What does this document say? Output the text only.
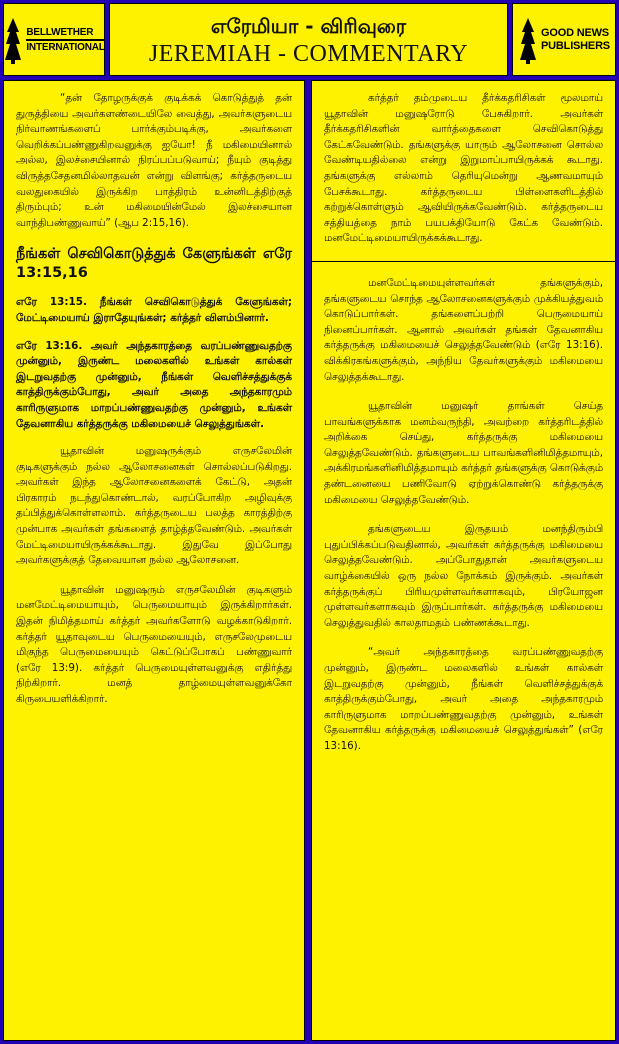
BELLWETHER
INTERNATIONAL
எரேமியா - விரிவுரை
JEREMIAH - COMMENTARY
GOOD NEWS
PUBLISHERS

“தன் தோழருக்குக் குடிக்கக் கொடுத்துத் தன் துருத்தியை அவர்களண்டையிலே வைத்து, அவர்களுடைய நிர்வாணங்களைப் பார்க்கும்படிக்கு, அவர்களை வெறிக்கப்பண்ணுகிறவனுக்கு ஐயோ! நீ மகிமையினால் அல்ல, இலச்சையினால் நிரப்பப்படுவாய்; நீயும் குடித்து விருத்தசேதனமில்லாதவன் என்று விளங்கு; கர்த்தருடைய வலதுகையில் இருக்கிற பாத்திரம் உன்னிடத்திற்குத் திரும்பும்; உன் மகிமையின்மேல் இலச்சையான வாந்திபண்ணுவாய்” (ஆப 2:15,16).

நீங்கள் செவிகொடுத்துக் கேளுங்கள் எரே 13:15,16

எரே 13:15. நீங்கள் செவிகொடுத்துக் கேளுங்கள்; மேட்டிமையாய் இராதேயுங்கள்; கர்த்தர் விளம்பினார்.

எரே 13:16. அவர் அந்தகாரத்தை வரப்பண்ணுவதற்கு முன்னும், இருண்ட மலைகளில் உங்கள் கால்கள் இடறுவதற்கு முன்னும், நீங்கள் வெளிச்சத்துக்குக் காத்திருக்கும்போது, அவர் அதை அந்தகாரமும் காரிருளுமாக மாறப்பண்ணுவதற்கு முன்னும், உங்கள் தேவனாகிய கர்த்தருக்கு மகிமையைச் செலுத்துங்கள்.

யூதாவின் மனுஷருக்கும் எருசலேமின் குடிகளுக்கும் நல்ல ஆலோசனைகள் சொல்லப்படுகிறது. அவர்கள் இந்த ஆலோசனைகளைக் கேட்டு, அதன் பிரகாரம் நடந்துகொண்டால், வரப்போகிற அழிவுக்கு தப்பித்துக்கொள்ளலாம். கர்த்தருடைய பலத்த காரத்திற்கு முன்பாக அவர்கள் தங்களைத் தாழ்த்தவேண்டும். அவர்கள் மேட்டிமையாயிருக்கக்கூடாது. இதுவே இப்போது அவர்களுக்குத் தேவையான நல்ல ஆலோசனை.

யூதாவின் மனுஷரும் எருசலேமின் குடிகளும் மனமேட்டிமையாயும், பெருமையாயும் இருக்கிறார்கள். இதன் நிமித்தமாய் கர்த்தர் அவர்களோடு வழக்காடுகிறார். கர்த்தர் யூதாவுடைய பெருமையையும், எருசலேமுடைய மிகுந்த பெருமையையும் கெட்டுப்போகப் பண்ணுவார் (எரே 13:9). கர்த்தர் பெருமையுள்ளவனுக்கு எதிர்த்து நிற்கிறார். மனத் தாழ்மையுள்ளவனுக்கோ கிருபையளிக்கிறார்.

கர்த்தர் தம்முடைய தீர்க்கதரிசிகள் மூலமாய் யூதாவின் மனுஷரோடு பேசுகிறார். அவர்கள் தீர்க்கதரிசிகளின் வார்த்தைகளை செவிகொடுத்து கேட்கவேண்டும். தங்களுக்கு யாரும் ஆலோசனை சொல்ல வேண்டியதில்லை என்று இறுமாப்பாயிருக்கக் கூடாது. தங்களுக்கு எல்லாம் தெரியுமென்று ஆணவமாயும் பேசக்கூடாது. கர்த்தருடைய பிள்ளைகளிடத்தில் கற்றுக்கொள்ளும் ஆவியிருக்கவேண்டும். கர்த்தருடைய சத்தியத்தை நாம் பயபக்தியோடு கேட்க வேண்டும். மனமேட்டிமையாயிருக்கக்கூடாது.

மனமேட்டிமையுள்ளவர்கள் தங்களுக்கும், தங்களுடைய சொந்த ஆலோசனைகளுக்கும் முக்கியத்துவம் கொடுப்பார்கள். தங்களைப்பற்றி பெருமையாய் நினைப்பார்கள். ஆனால் அவர்கள் தங்கள் தேவனாகிய கர்த்தருக்கு மகிமையைச் செலுத்தவேண்டும் (எரே 13:16). விக்கிரகங்களுக்கும், அந்நிய தேவர்களுக்கும் மகிமையை செலுத்தக்கூடாது.

யூதாவின் மனுஷர் தாங்கள் செய்த பாவங்களுக்காக மனம்வருந்தி, அவற்றை கர்த்தரிடத்தில் அறிக்கை செய்து, கர்த்தருக்கு மகிமையை செலுத்தவேண்டும். தங்களுடைய பாவங்களினிமித்தமாயும், அக்கிரமங்களினிமித்தமாயும் கர்த்தர் தங்களுக்கு கொடுக்கும் தண்டனையை பணிவோடு ஏற்றுக்கொண்டு கர்த்தருக்கு மகிமையை செலுத்தவேண்டும்.

தங்களுடைய இருதயம் மனந்திரும்பி புதுப்பிக்கப்படுவதினால், அவர்கள் கர்த்தருக்கு மகிமையை செலுத்தவேண்டும். அப்போதுதான் அவர்களுடைய வாழ்க்கையில் ஒரு நல்ல நோக்கம் இருக்கும். அவர்கள் கர்த்தருக்குப் பிரியமுள்ளவர்களாகவும், பிரயோஜன முள்ளவர்களாகவும் இருப்பார்கள். கர்த்தருக்கு மகிமையை செலுத்துவதில் காலதாமதம் பண்ணக்கூடாது.

“அவர் அந்தகாரத்தை வரப்பண்ணுவதற்கு முன்னும், இருண்ட மலைகளில் உங்கள் கால்கள் இடறுவதற்கு முன்னும், நீங்கள் வெளிச்சத்துக்குக் காத்திருக்கும்போது, அவர் அதை அந்தகாரமும் காரிருளுமாக மாறப்பண்ணுவதற்கு முன்னும், உங்கள் தேவனாகிய கர்த்தருக்கு மகிமையைச் செலுத்துங்கள்” (எரே 13:16).
